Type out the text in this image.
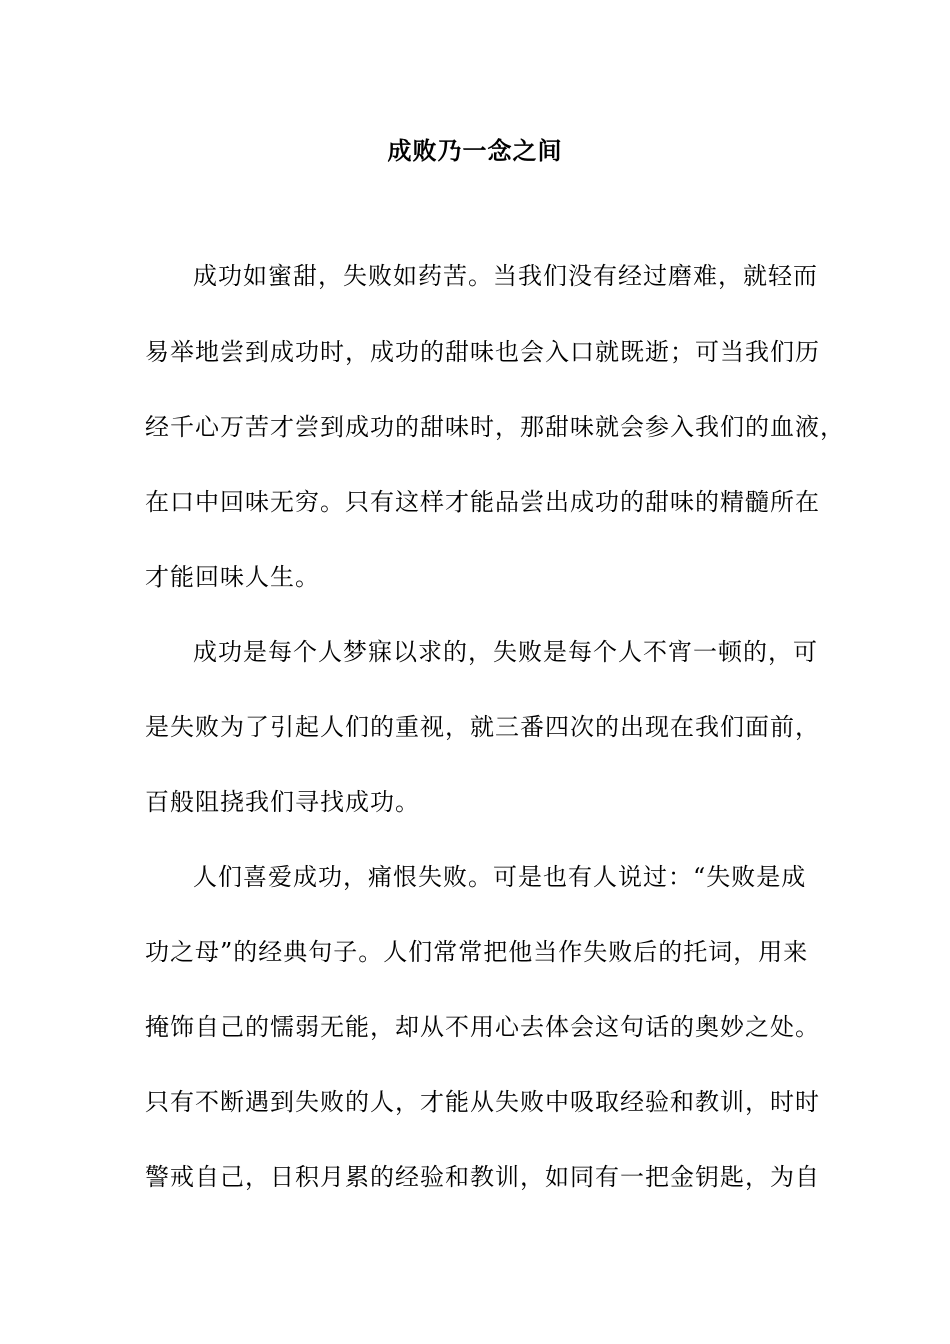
成败乃一念之间
成功如蜜甜，失败如药苦。当我们没有经过磨难，就轻而
易举地尝到成功时，成功的甜味也会入口就既逝；可当我们历
经千心万苦才尝到成功的甜味时，那甜味就会参入我们的血液，
在口中回味无穷。只有这样才能品尝出成功的甜味的精髓所在
才能回味人生。
成功是每个人梦寐以求的，失败是每个人不宵一顿的，可
是失败为了引起人们的重视，就三番四次的出现在我们面前，
百般阻挠我们寻找成功。
人们喜爱成功，痛恨失败。可是也有人说过：“失败是成
功之母”的经典句子。人们常常把他当作失败后的托词，用来
掩饰自己的懦弱无能，却从不用心去体会这句话的奥妙之处。
只有不断遇到失败的人，才能从失败中吸取经验和教训，时时
警戒自己，日积月累的经验和教训，如同有一把金钥匙，为自
